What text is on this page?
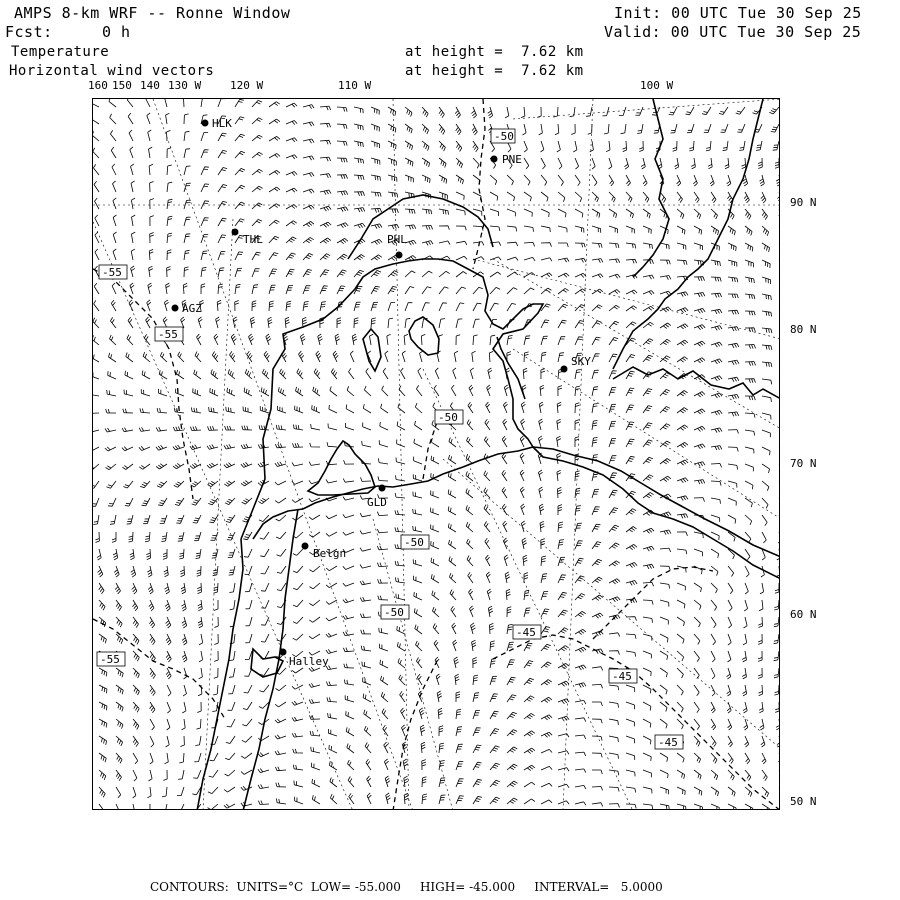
AMPS 8-km WRF -- Ronne Window
Fcst:	0 h
Init: 00 UTC Tue 30 Sep 25
Valid: 00 UTC Tue 30 Sep 25
Temperature
Horizontal wind vectors
at height =  7.62 km
at height =  7.62 km
160 150 140 130 W	120 W	110 W	100 W
90 N
80 N
70 N
60 N
50 N
-50
-55
-55
-50
-50
-50
-45
-45
-55
-45
HLK
THL	PHL
PNE
AGZ
SKY
GLD
Belgn
Halley
CONTOURS:  UNITS=°C  LOW= -55.000     HIGH= -45.000     INTERVAL=   5.0000
